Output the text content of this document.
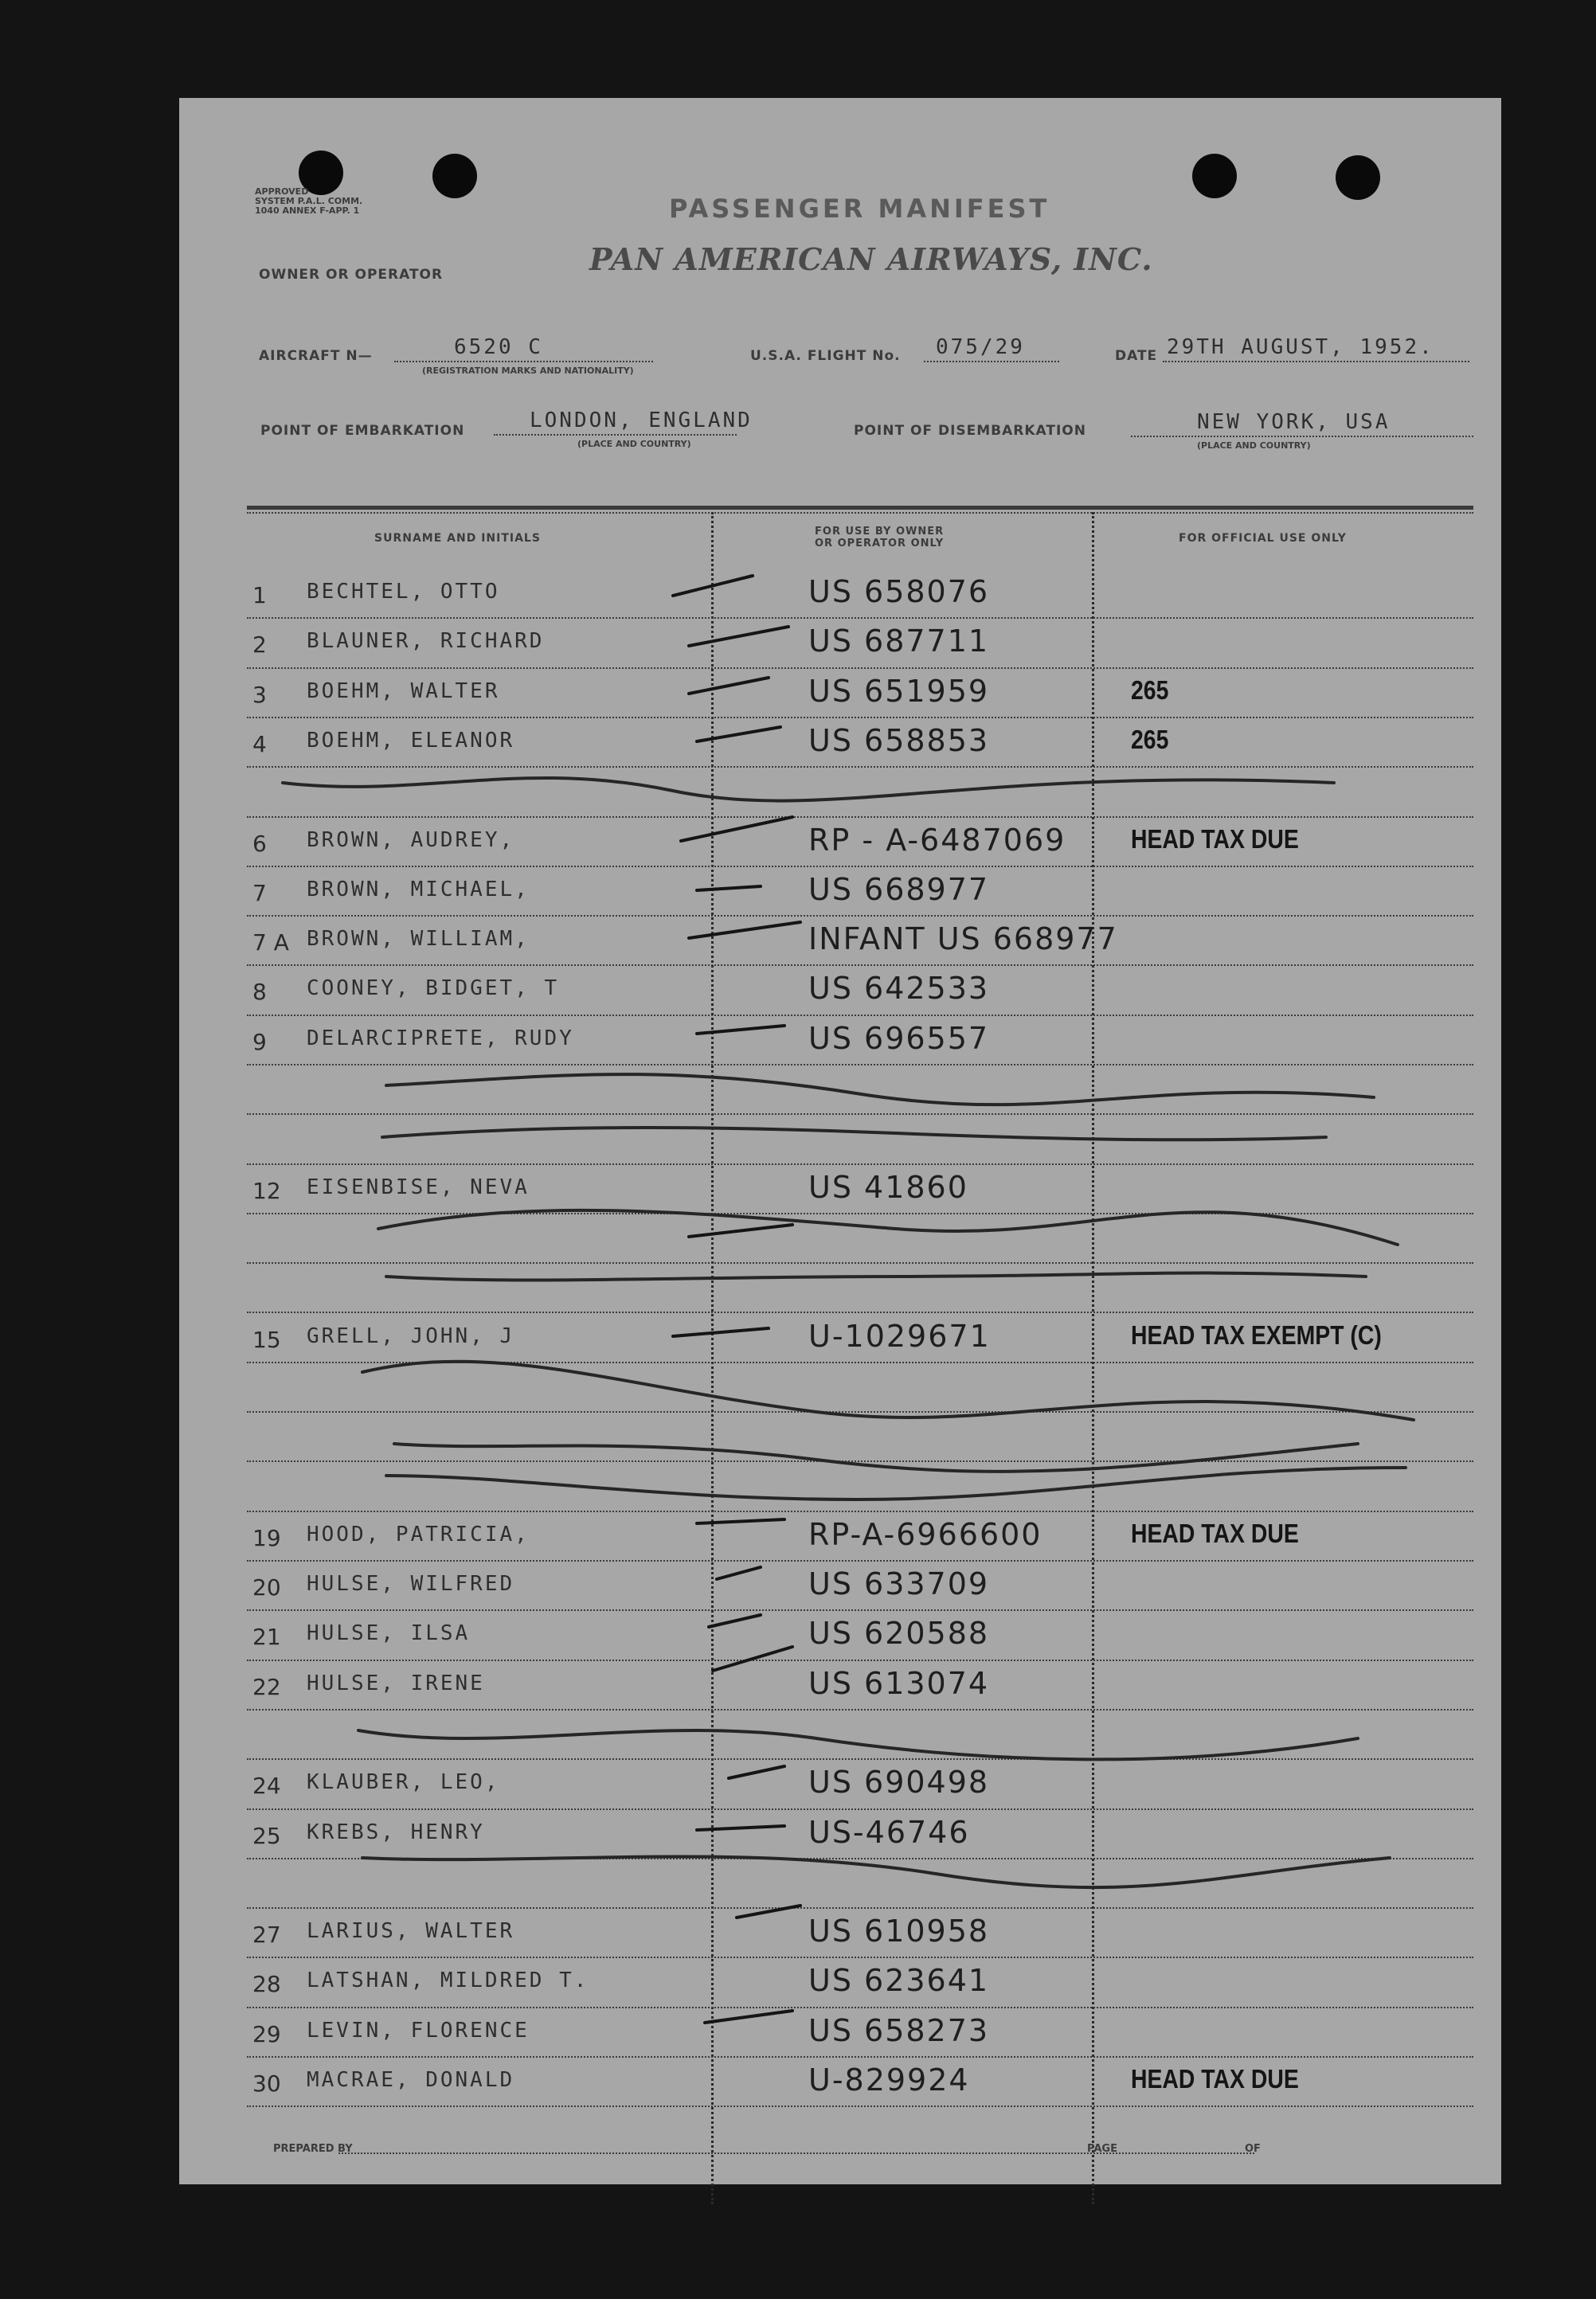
APPROVED
SYSTEM P.A.L. COMM.
1040 ANNEX F-APP. 1	PASSENGER MANIFEST
PAN AMERICAN AIRWAYS, INC.
OWNER OR OPERATOR
AIRCRAFT N—	6520 C
(REGISTRATION MARKS AND NATIONALITY)
U.S.A. FLIGHT No. 075/29	DATE 29TH AUGUST, 1952.
POINT OF EMBARKATION	LONDON, ENGLAND
(PLACE AND COUNTRY)
POINT OF DISEMBARKATION	NEW YORK, USA
(PLACE AND COUNTRY)
SURNAME AND INITIALS
FOR USE BY OWNER
OR OPERATOR ONLY	FOR OFFICIAL USE ONLY
1 BECHTEL, OTTO	US 658076
2 BLAUNER, RICHARD	US 687711
3 BOEHM, WALTER	US 651959	265
4 BOEHM, ELEANOR	US 658853	265
6 BROWN, AUDREY,	RP - A-6487069 HEAD TAX DUE
7 BROWN, MICHAEL,	US 668977
7 A BROWN, WILLIAM,	INFANT US 668977
8 COONEY, BIDGET, T	US 642533
9 DELARCIPRETE, RUDY	US 696557
12 EISENBISE, NEVA	US 41860
15 GRELL, JOHN, J	U-1029671	HEAD TAX EXEMPT (C)
19 HOOD, PATRICIA,	RP-A-6966600	HEAD TAX DUE
20 HULSE, WILFRED	US 633709
21 HULSE, ILSA	US 620588
22 HULSE, IRENE	US 613074
24 KLAUBER, LEO,	US 690498
25 KREBS, HENRY	US-46746
27 LARIUS, WALTER	US 610958
28 LATSHAN, MILDRED T.	US 623641
29 LEVIN, FLORENCE	US 658273
30 MACRAE, DONALD	U-829924	HEAD TAX DUE
PREPARED BY	PAGE	OF
